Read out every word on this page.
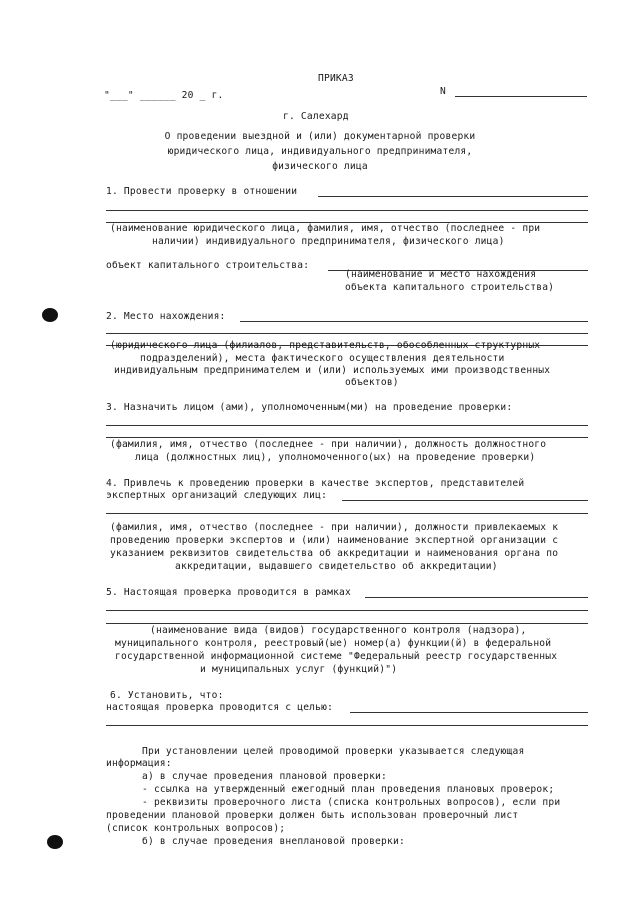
ПРИКАЗ
"___" ______ 20 _ г.	N
г. Салехард
О проведении выездной и (или) документарной проверки
юридического лица, индивидуального предпринимателя,
физического лица
1. Провести проверку в отношении
(наименование юридического лица, фамилия, имя, отчество (последнее - при
наличии) индивидуального предпринимателя, физического лица)
объект капитального строительства:
(наименование и место нахождения
объекта капитального строительства)
2. Место нахождения:
(юридического лица (филиалов, представительств, обособленных структурных
подразделений), места фактического осуществления деятельности
индивидуальным предпринимателем и (или) используемых ими производственных
объектов)
3. Назначить лицом (ами), уполномоченным(ми) на проведение проверки:
(фамилия, имя, отчество (последнее - при наличии), должность должностного
лица (должностных лиц), уполномоченного(ых) на проведение проверки)
4. Привлечь к проведению проверки в качестве экспертов, представителей
экспертных организаций следующих лиц:
(фамилия, имя, отчество (последнее - при наличии), должности привлекаемых к
проведению проверки экспертов и (или) наименование экспертной организации с
указанием реквизитов свидетельства об аккредитации и наименования органа по
аккредитации, выдавшего свидетельство об аккредитации)
5. Настоящая проверка проводится в рамках
(наименование вида (видов) государственного контроля (надзора),
муниципального контроля, реестровый(ые) номер(а) функции(й) в федеральной
государственной информационной системе "Федеральный реестр государственных
и муниципальных услуг (функций)")
6. Установить, что:
настоящая проверка проводится с целью:
При установлении целей проводимой проверки указывается следующая
информация:
а) в случае проведения плановой проверки:
- ссылка на утвержденный ежегодный план проведения плановых проверок;
- реквизиты проверочного листа (списка контрольных вопросов), если при
проведении плановой проверки должен быть использован проверочный лист
(список контрольных вопросов);
б) в случае проведения внеплановой проверки:
